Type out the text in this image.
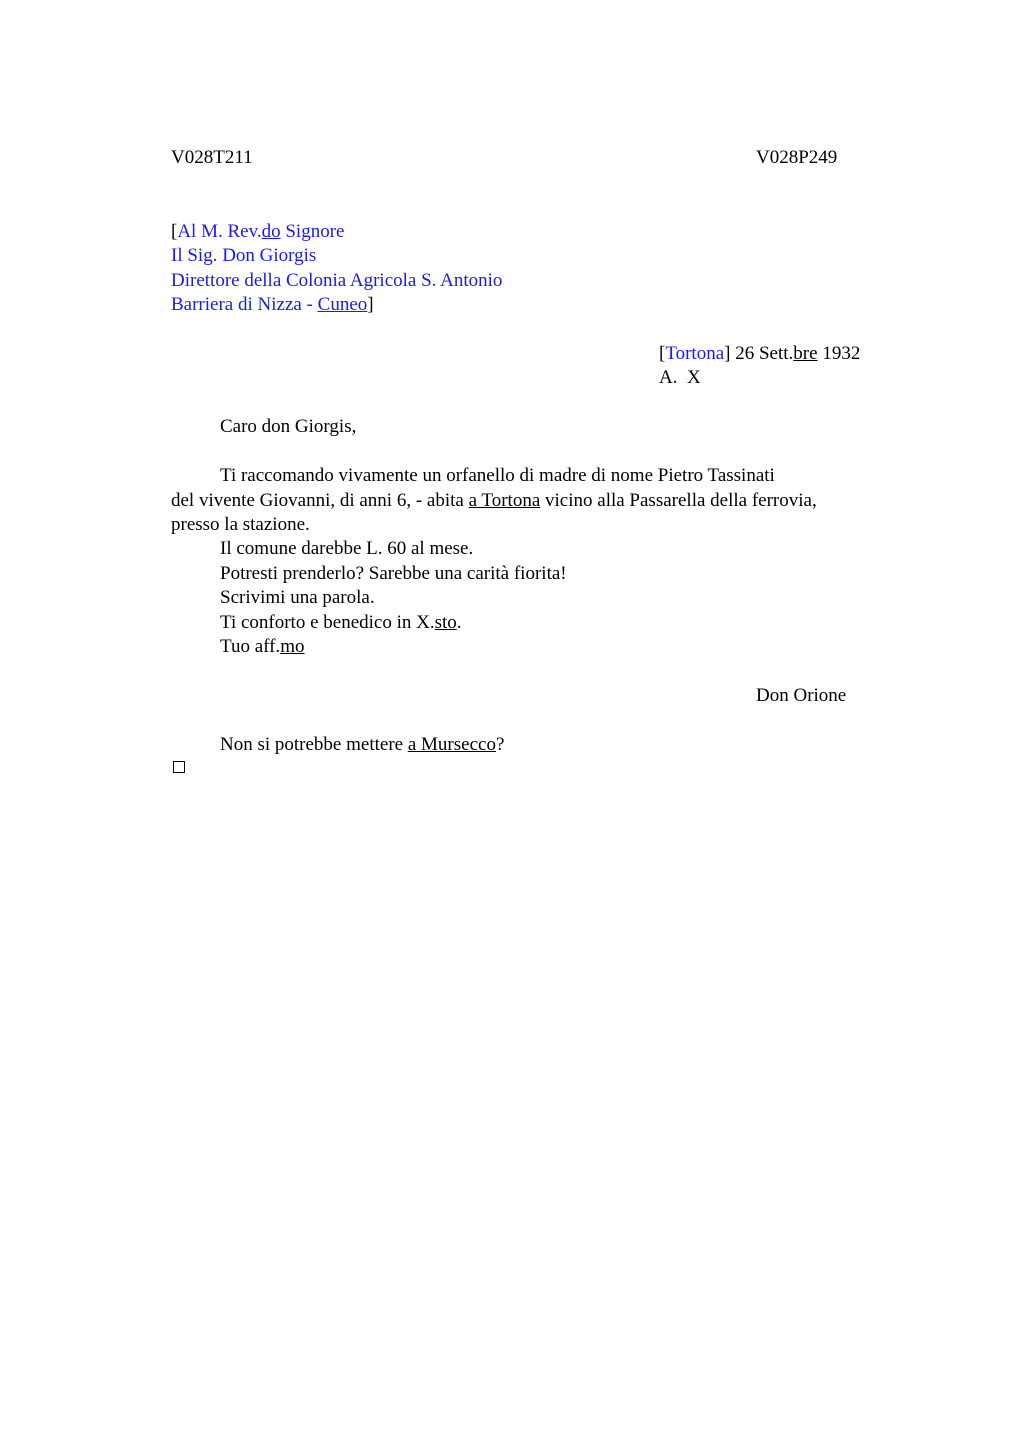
V028T211	V028P249
[Al M. Rev.do Signore
Il Sig. Don Giorgis
Direttore della Colonia Agricola S. Antonio
Barriera di Nizza - Cuneo]
[Tortona] 26 Sett.bre 1932
A.  X
Caro don Giorgis,
Ti raccomando vivamente un orfanello di madre di nome Pietro Tassinati
del vivente Giovanni, di anni 6, - abita a Tortona vicino alla Passarella della ferrovia,
presso la stazione.
Il comune darebbe L. 60 al mese.
Potresti prenderlo? Sarebbe una carità fiorita!
Scrivimi una parola.
Ti conforto e benedico in X.sto.
Tuo aff.mo
Don Orione
Non si potrebbe mettere a Mursecco?
